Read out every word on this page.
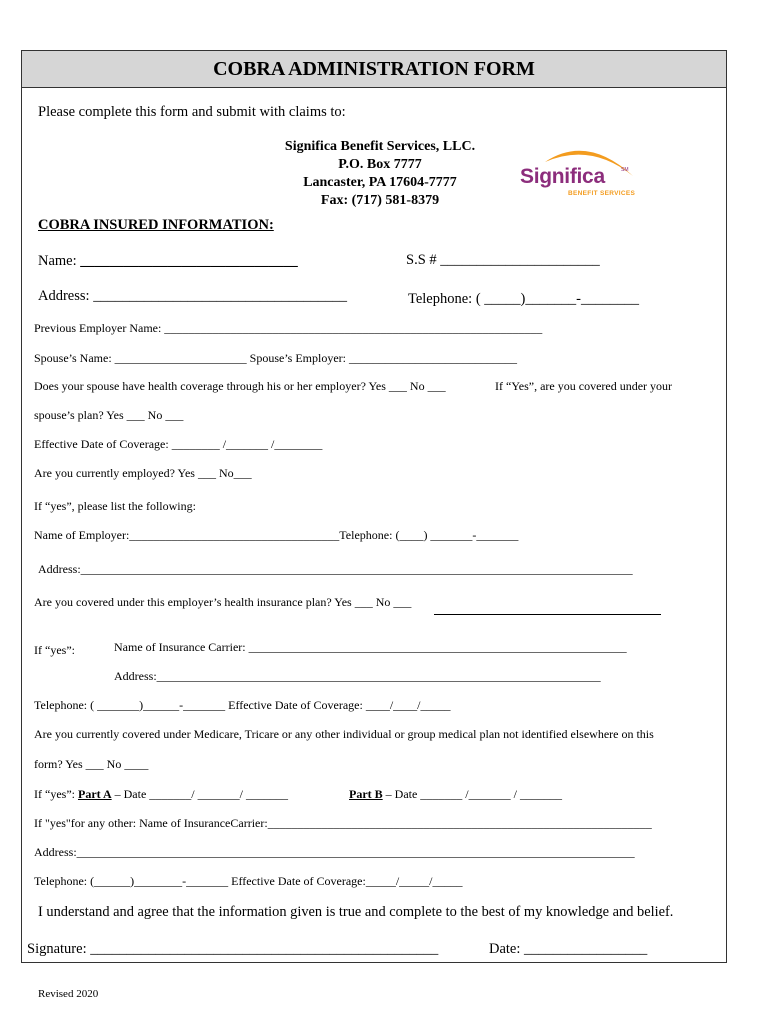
COBRA ADMINISTRATION FORM
Please complete this form and submit with claims to:
Significa Benefit Services, LLC.
P.O. Box 7777
Lancaster, PA 17604-7777
Fax: (717) 581-8379
Significa	SM
BENEFIT SERVICES
COBRA INSURED INFORMATION:
Name: ______________________________	S.S # ______________________
Address: ___________________________________	Telephone: ( _____)_______-________
Previous Employer Name: _______________________________________________________________
Spouse’s Name: ______________________ Spouse’s Employer: ____________________________
Does your spouse have health coverage through his or her employer? Yes ___ No ___	If “Yes”, are you covered under your
spouse’s plan? Yes ___ No ___
Effective Date of Coverage: ________ /_______ /________
Are you currently employed? Yes ___ No___
If “yes”, please list the following:
Name of Employer:___________________________________Telephone: (____) _______-_______
Address:____________________________________________________________________________________________
Are you covered under this employer’s health insurance plan? Yes ___ No ___
If “yes”:	Name of Insurance Carrier: _______________________________________________________________
Address:__________________________________________________________________________
Telephone: ( _______)______-_______ Effective Date of Coverage: ____/____/_____
Are you currently covered under Medicare, Tricare or any other individual or group medical plan not identified elsewhere on this
form? Yes ___ No ____
If “yes”: Part A – Date _______/ _______/ _______	Part B – Date _______ /_______ / _______
If "yes"for any other: Name of InsuranceCarrier:________________________________________________________________
Address:_____________________________________________________________________________________________
Telephone: (______)________-_______ Effective Date of Coverage:_____/_____/_____
I understand and agree that the information given is true and complete to the best of my knowledge and belief.
Signature: ________________________________________________	Date: _________________
Revised 2020
